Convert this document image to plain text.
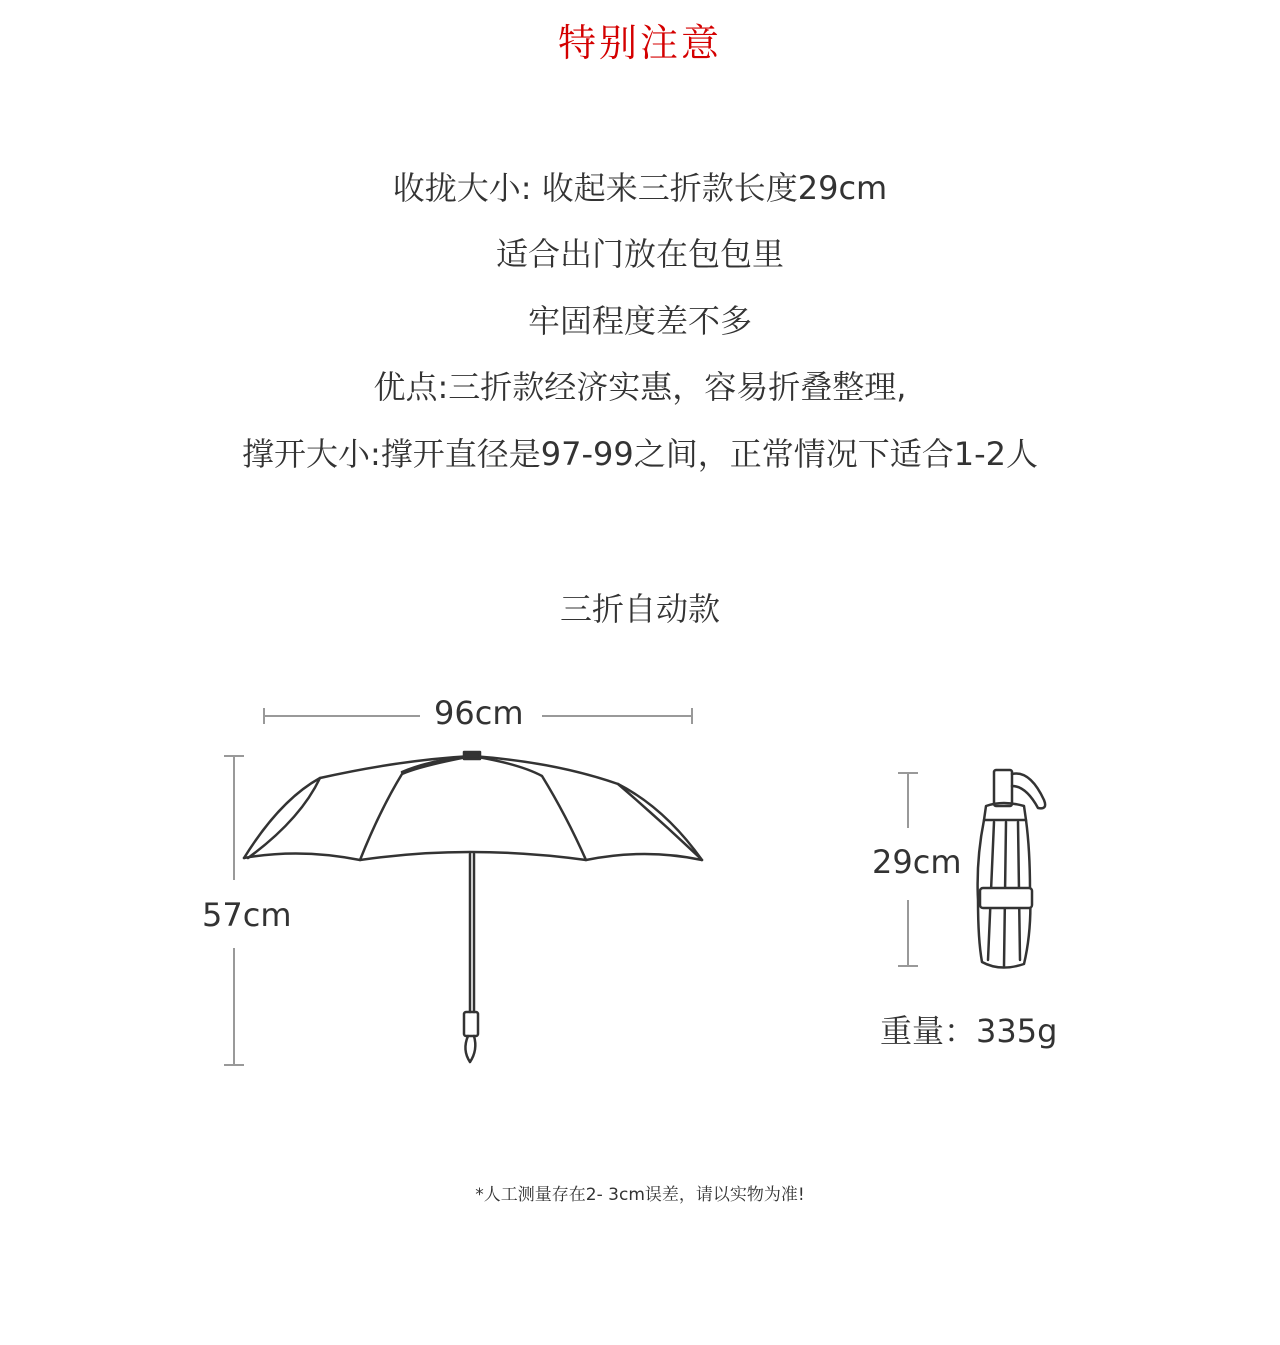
特别注意
收拢大小: 收起来三折款长度29cm
适合出门放在包包里
牢固程度差不多
优点:三折款经济实惠，容易折叠整理,
撑开大小:撑开直径是97-99之间，正常情况下适合1-2人
三折自动款
96cm
57cm
29cm
重量：335g
*人工测量存在2- 3cm误差，请以实物为准!
